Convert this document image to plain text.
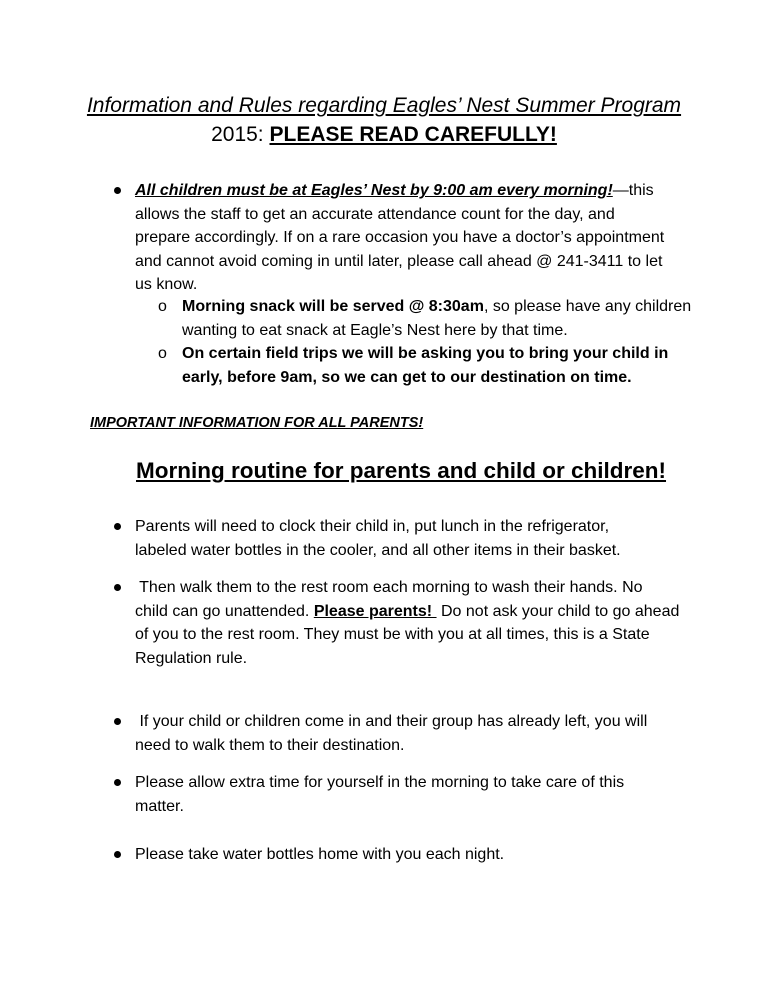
Information and Rules regarding Eagles’ Nest Summer Program
2015: PLEASE READ CAREFULLY!
All children must be at Eagles’ Nest by 9:00 am every morning!—this
allows the staff to get an accurate attendance count for the day, and
prepare accordingly. If on a rare occasion you have a doctor’s appointment
and cannot avoid coming in until later, please call ahead @ 241-3411 to let
us know.
o Morning snack will be served @ 8:30am, so please have any children
wanting to eat snack at Eagle’s Nest here by that time.
o On certain field trips we will be asking you to bring your child in
early, before 9am, so we can get to our destination on time.
IMPORTANT INFORMATION FOR ALL PARENTS!
Morning routine for parents and child or children!
Parents will need to clock their child in, put lunch in the refrigerator,
labeled water bottles in the cooler, and all other items in their basket.
Then walk them to the rest room each morning to wash their hands. No
child can go unattended. Please parents!  Do not ask your child to go ahead
of you to the rest room. They must be with you at all times, this is a State
Regulation rule.
If your child or children come in and their group has already left, you will
need to walk them to their destination.
Please allow extra time for yourself in the morning to take care of this
matter.
Please take water bottles home with you each night.
